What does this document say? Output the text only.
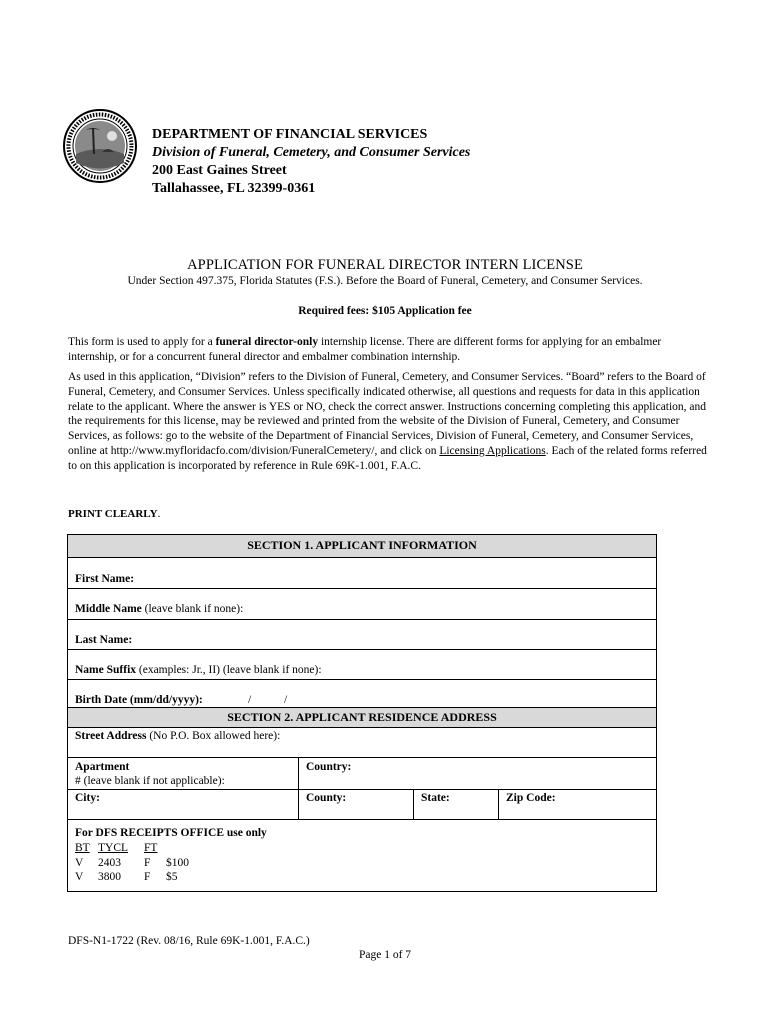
DEPARTMENT OF FINANCIAL SERVICES
Division of Funeral, Cemetery, and Consumer Services
200 East Gaines Street
Tallahassee, FL 32399-0361
APPLICATION FOR FUNERAL DIRECTOR INTERN LICENSE
Under Section 497.375, Florida Statutes (F.S.). Before the Board of Funeral, Cemetery, and Consumer Services.
Required fees: $105 Application fee
This form is used to apply for a funeral director-only internship license. There are different forms for applying for an embalmer internship, or for a concurrent funeral director and embalmer combination internship.
As used in this application, “Division” refers to the Division of Funeral, Cemetery, and Consumer Services. “Board” refers to the Board of Funeral, Cemetery, and Consumer Services. Unless specifically indicated otherwise, all questions and requests for data in this application relate to the applicant. Where the answer is YES or NO, check the correct answer. Instructions concerning completing this application, and the requirements for this license, may be reviewed and printed from the website of the Division of Funeral, Cemetery, and Consumer Services, as follows: go to the website of the Department of Financial Services, Division of Funeral, Cemetery, and Consumer Services, online at http://www.myfloridacfo.com/division/FuneralCemetery/, and click on Licensing Applications. Each of the related forms referred to on this application is incorporated by reference in Rule 69K-1.001, F.A.C.
PRINT CLEARLY.
SECTION 1. APPLICANT INFORMATION
First Name:
Middle Name (leave blank if none):
Last Name:
Name Suffix (examples: Jr., II) (leave blank if none):
Birth Date (mm/dd/yyyy):	/	/
SECTION 2. APPLICANT RESIDENCE ADDRESS
Street Address (No P.O. Box allowed here):
Apartment
# (leave blank if not applicable):
Country:
City:	County:	State:	Zip Code:
For DFS RECEIPTS OFFICE use only
BT TYCL FT
V 2403 F $100
V 3800 F $5
DFS-N1-1722 (Rev. 08/16, Rule 69K-1.001, F.A.C.)
Page 1 of 7
